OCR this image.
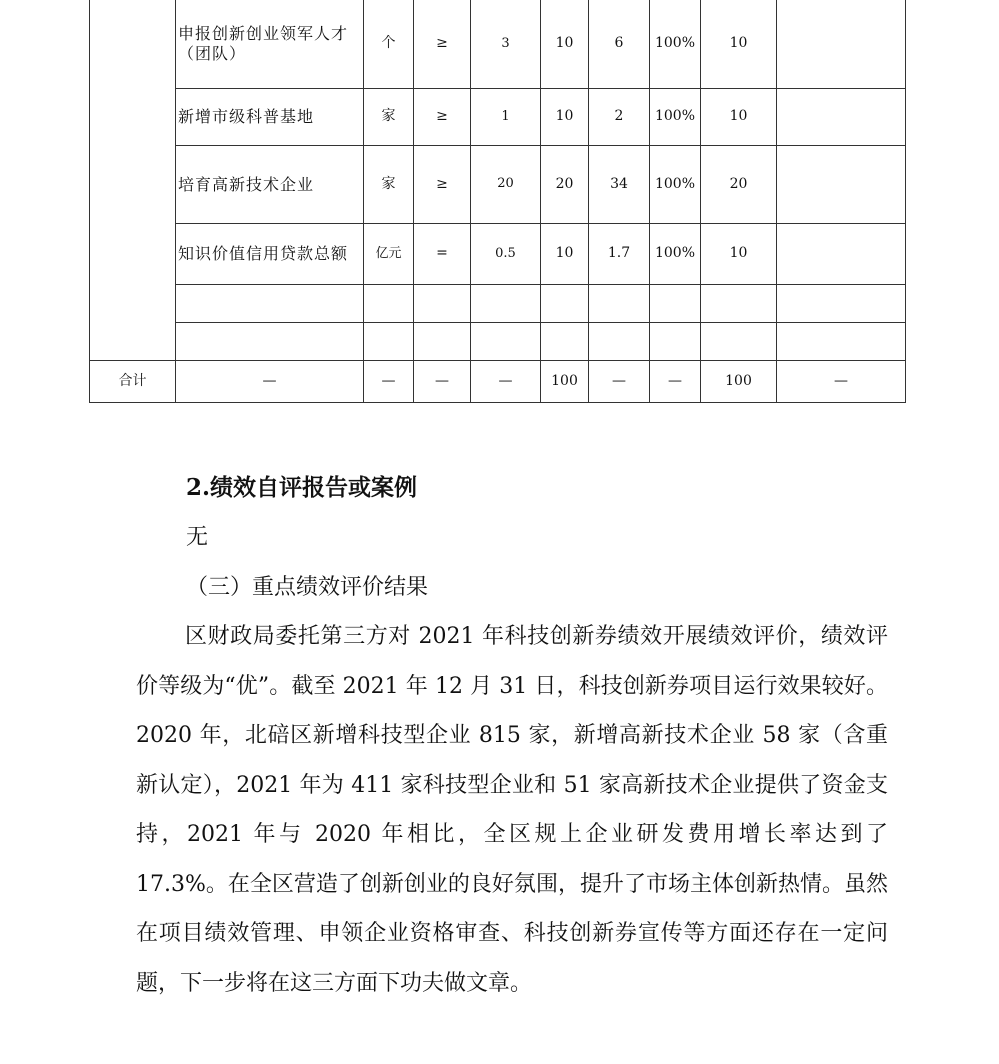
	申报创新创业领军人才（团队）	个	≥	3	10	6	100%	10	
	新增市级科普基地	家	≥	1	10	2	100%	10	
	培育高新技术企业	家	≥	20	20	34	100%	20	
	知识价值信用贷款总额	亿元	=	0.5	10	1.7	100%	10	

合计	—	—	—	—	100	—	—	100	—
2.绩效自评报告或案例
无
（三）重点绩效评价结果

区财政局委托第三方对 2021 年科技创新券绩效开展绩效评价，绩效评价等级为“优”。截至 2021 年 12 月 31 日，科技创新券项目运行效果较好。2020 年，北碚区新增科技型企业 815 家，新增高新技术企业 58 家（含重新认定），2021 年为 411 家科技型企业和 51 家高新技术企业提供了资金支持，2021 年与 2020 年相比，全区规上企业研发费用增长率达到了 17.3%。在全区营造了创新创业的良好氛围，提升了市场主体创新热情。虽然在项目绩效管理、申领企业资格审查、科技创新券宣传等方面还存在一定问题，下一步将在这三方面下功夫做文章。
